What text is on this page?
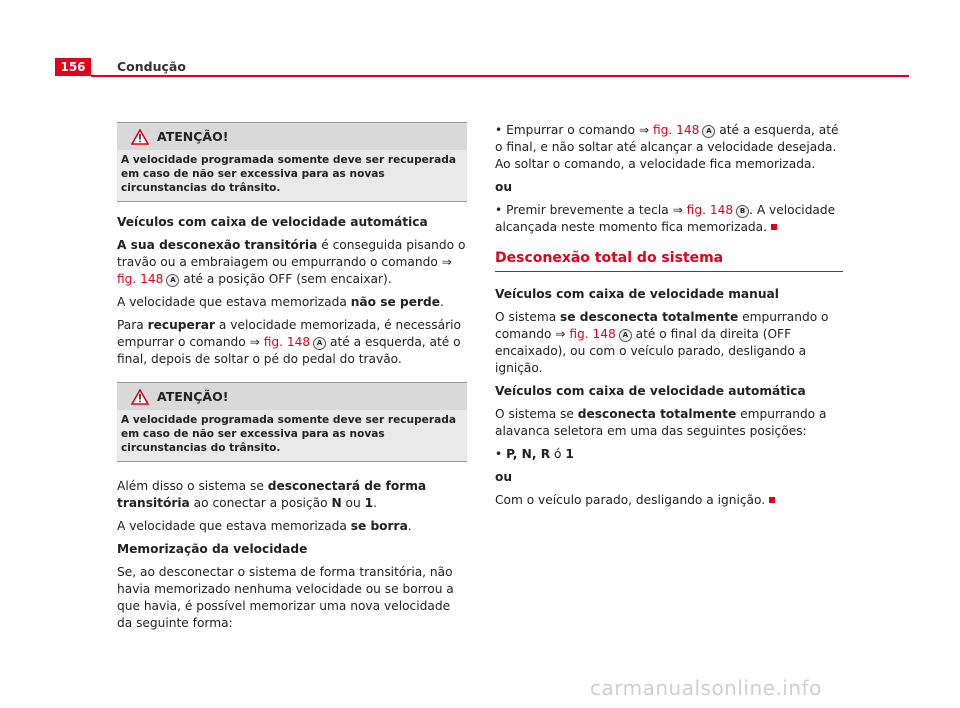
156	Condução
ATENÇÃO!
A velocidade programada somente deve ser recuperada em caso de não ser excessiva para as novas circunstancias do trânsito.

Veículos com caixa de velocidade automática

A sua desconexão transitória é conseguida pisando o travão ou a embraiagem ou empurrando o comando ⇒ fig. 148 A até a posição OFF (sem encaixar).

A velocidade que estava memorizada não se perde.

Para recuperar a velocidade memorizada, é necessário empurrar o comando ⇒ fig. 148 A até a esquerda, até o final, depois de soltar o pé do pedal do travão.

ATENÇÃO!
A velocidade programada somente deve ser recuperada em caso de não ser excessiva para as novas circunstancias do trânsito.

Além disso o sistema se desconectará de forma transitória ao conectar a posição N ou 1.

A velocidade que estava memorizada se borra.

Memorização da velocidade

Se, ao desconectar o sistema de forma transitória, não havia memorizado nenhuma velocidade ou se borrou a que havia, é possível memorizar uma nova velocidade da seguinte forma:

• Empurrar o comando ⇒ fig. 148 A até a esquerda, até o final, e não soltar até alcançar a velocidade desejada. Ao soltar o comando, a velocidade fica memorizada.

ou

• Premir brevemente a tecla ⇒ fig. 148 B . A velocidade alcançada neste momento fica memorizada.

Desconexão total do sistema

Veículos com caixa de velocidade manual

O sistema se desconecta totalmente empurrando o comando ⇒ fig. 148 A até o final da direita (OFF encaixado), ou com o veículo parado, desligando a ignição.

Veículos com caixa de velocidade automática

O sistema se desconecta totalmente empurrando a alavanca seletora em uma das seguintes posições:

• P, N, R ó 1

ou

Com o veículo parado, desligando a ignição.

carmanualsonline.info
